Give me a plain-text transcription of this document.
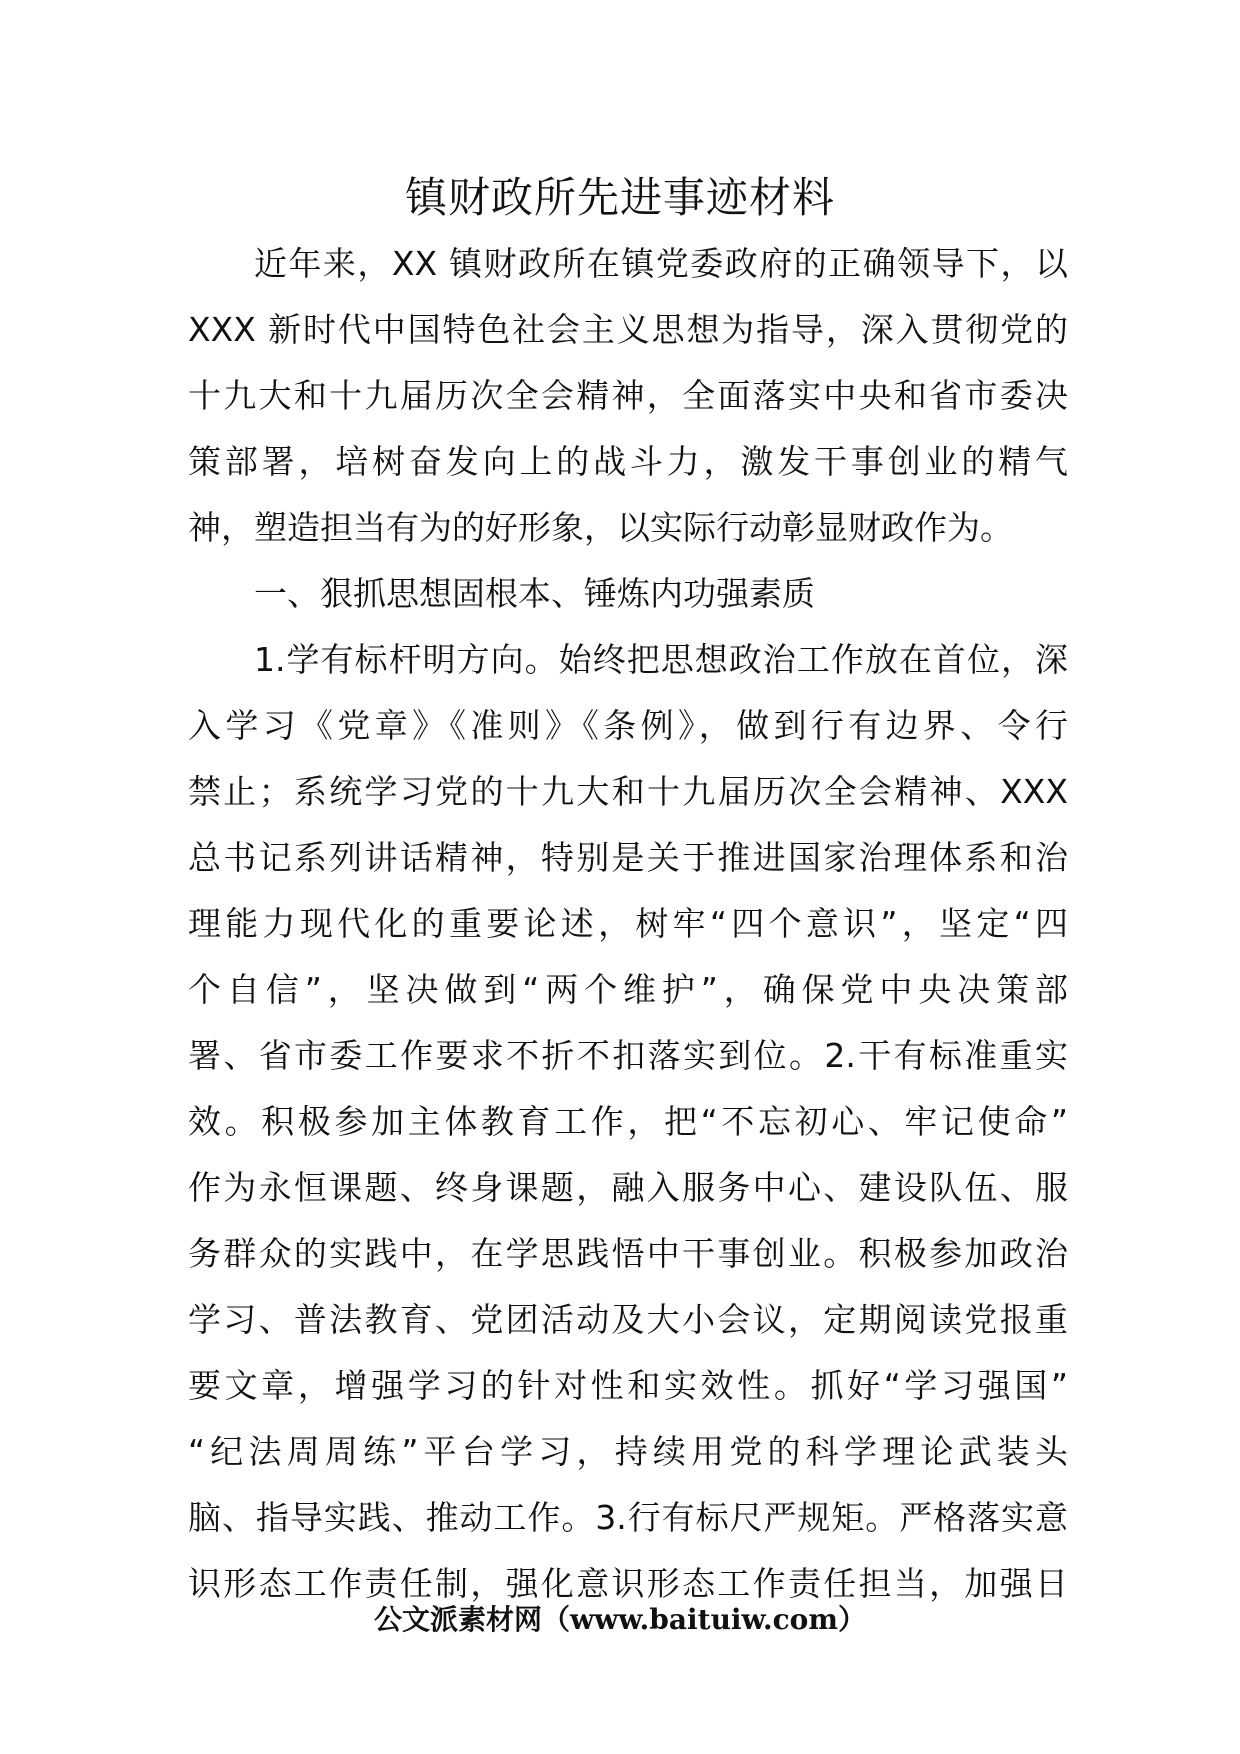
镇财政所先进事迹材料
近年来，XX 镇财政所在镇党委政府的正确领导下，以
XXX 新时代中国特色社会主义思想为指导，深入贯彻党的
十九大和十九届历次全会精神，全面落实中央和省市委决
策部署，培树奋发向上的战斗力，激发干事创业的精气
神，塑造担当有为的好形象，以实际行动彰显财政作为。
一、狠抓思想固根本、锤炼内功强素质
1.学有标杆明方向。始终把思想政治工作放在首位，深
入学习《党章》《准则》《条例》，做到行有边界、令行
禁止；系统学习党的十九大和十九届历次全会精神、XXX
总书记系列讲话精神，特别是关于推进国家治理体系和治
理能力现代化的重要论述，树牢“四个意识”，坚定“四
个自信”，坚决做到“两个维护”，确保党中央决策部
署、省市委工作要求不折不扣落实到位。2.干有标准重实
效。积极参加主体教育工作，把“不忘初心、牢记使命”
作为永恒课题、终身课题，融入服务中心、建设队伍、服
务群众的实践中，在学思践悟中干事创业。积极参加政治
学习、普法教育、党团活动及大小会议，定期阅读党报重
要文章，增强学习的针对性和实效性。抓好“学习强国”
“纪法周周练”平台学习，持续用党的科学理论武装头
脑、指导实践、推动工作。3.行有标尺严规矩。严格落实意
识形态工作责任制，强化意识形态工作责任担当，加强日
公文派素材网（www.baituiw.com）
